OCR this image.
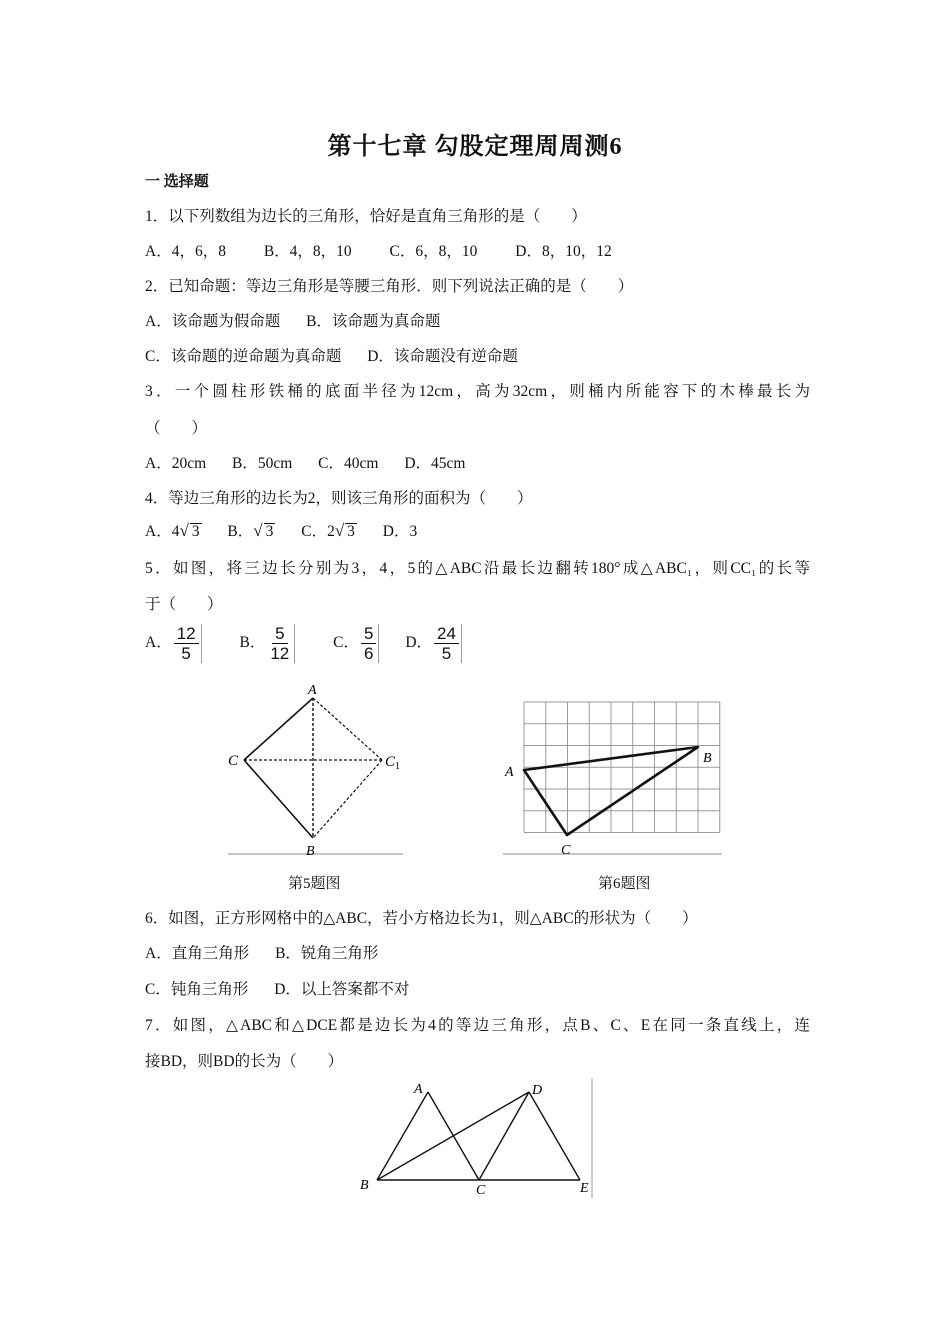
第十七章 勾股定理周周测6
一 选择题
1．以下列数组为边长的三角形，恰好是直角三角形的是（　　）
A．4，6，8 B．4，8，10 C．6，8，10 D．8，10，12
2．已知命题：等边三角形是等腰三角形．则下列说法正确的是（　　）
A．该命题为假命题 B．该命题为真命题
C．该命题的逆命题为真命题 D．该命题没有逆命题
3．一个圆柱形铁桶的底面半径为12cm，高为32cm，则桶内所能容下的木棒最长为
（　　）
A．20cm B．50cm C．40cm D．45cm
4．等边三角形的边长为2，则该三角形的面积为（　　）
A．4√ 3 B．√ 3 C．2√ 3 D．3
5．如图，将三边长分别为3，4，5的△ABC沿最长边翻转180°成△ABC₁，则CC₁的长等
于（　　）
A． $\frac{12}{5}$ B． $\frac{5}{12}$ C． $\frac{5}{6}$ D． $\frac{24}{5}$
A
C	$C_1$
B
第5题图
A
B
C
第6题图
6．如图，正方形网格中的△ABC，若小方格边长为1，则△ABC的形状为（　　）
A．直角三角形 B．锐角三角形
C．钝角三角形 D．以上答案都不对
7．如图，△ABC和△DCE都是边长为4的等边三角形，点B、C、E在同一条直线上，连
接BD，则BD的长为（　　）
A	D
B	C	E
